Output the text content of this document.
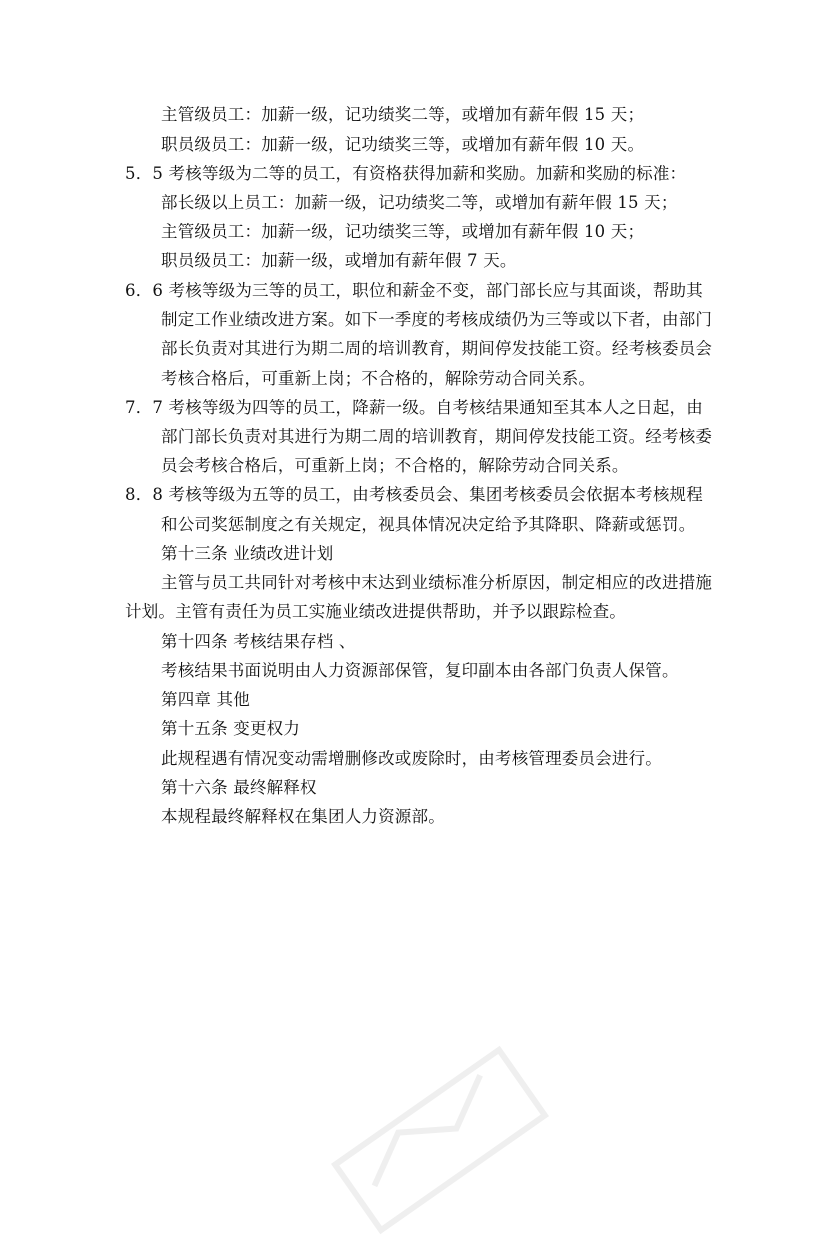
主管级员工：加薪一级，记功绩奖二等，或增加有薪年假 15 天；
职员级员工：加薪一级，记功绩奖三等，或增加有薪年假 10 天。
5．5 考核等级为二等的员工，有资格获得加薪和奖励。加薪和奖励的标准：
部长级以上员工：加薪一级，记功绩奖二等，或增加有薪年假 15 天；
主管级员工：加薪一级，记功绩奖三等，或增加有薪年假 10 天；
职员级员工：加薪一级，或增加有薪年假 7 天。
6．6 考核等级为三等的员工，职位和薪金不变，部门部长应与其面谈，帮助其
制定工作业绩改进方案。如下一季度的考核成绩仍为三等或以下者，由部门
部长负责对其进行为期二周的培训教育，期间停发技能工资。经考核委员会
考核合格后，可重新上岗；不合格的，解除劳动合同关系。
7．7 考核等级为四等的员工，降薪一级。自考核结果通知至其本人之日起，由
部门部长负责对其进行为期二周的培训教育，期间停发技能工资。经考核委
员会考核合格后，可重新上岗；不合格的，解除劳动合同关系。
8．8 考核等级为五等的员工，由考核委员会、集团考核委员会依据本考核规程
和公司奖惩制度之有关规定，视具体情况决定给予其降职、降薪或惩罚。
第十三条 业绩改进计划
主管与员工共同针对考核中末达到业绩标准分析原因，制定相应的改进措施
计划。主管有责任为员工实施业绩改进提供帮助，并予以跟踪检查。
第十四条 考核结果存档 、
考核结果书面说明由人力资源部保管，复印副本由各部门负责人保管。
第四章 其他
第十五条 变更权力
此规程遇有情况变动需增删修改或废除时，由考核管理委员会进行。
第十六条 最终解释权
本规程最终解释权在集团人力资源部。
